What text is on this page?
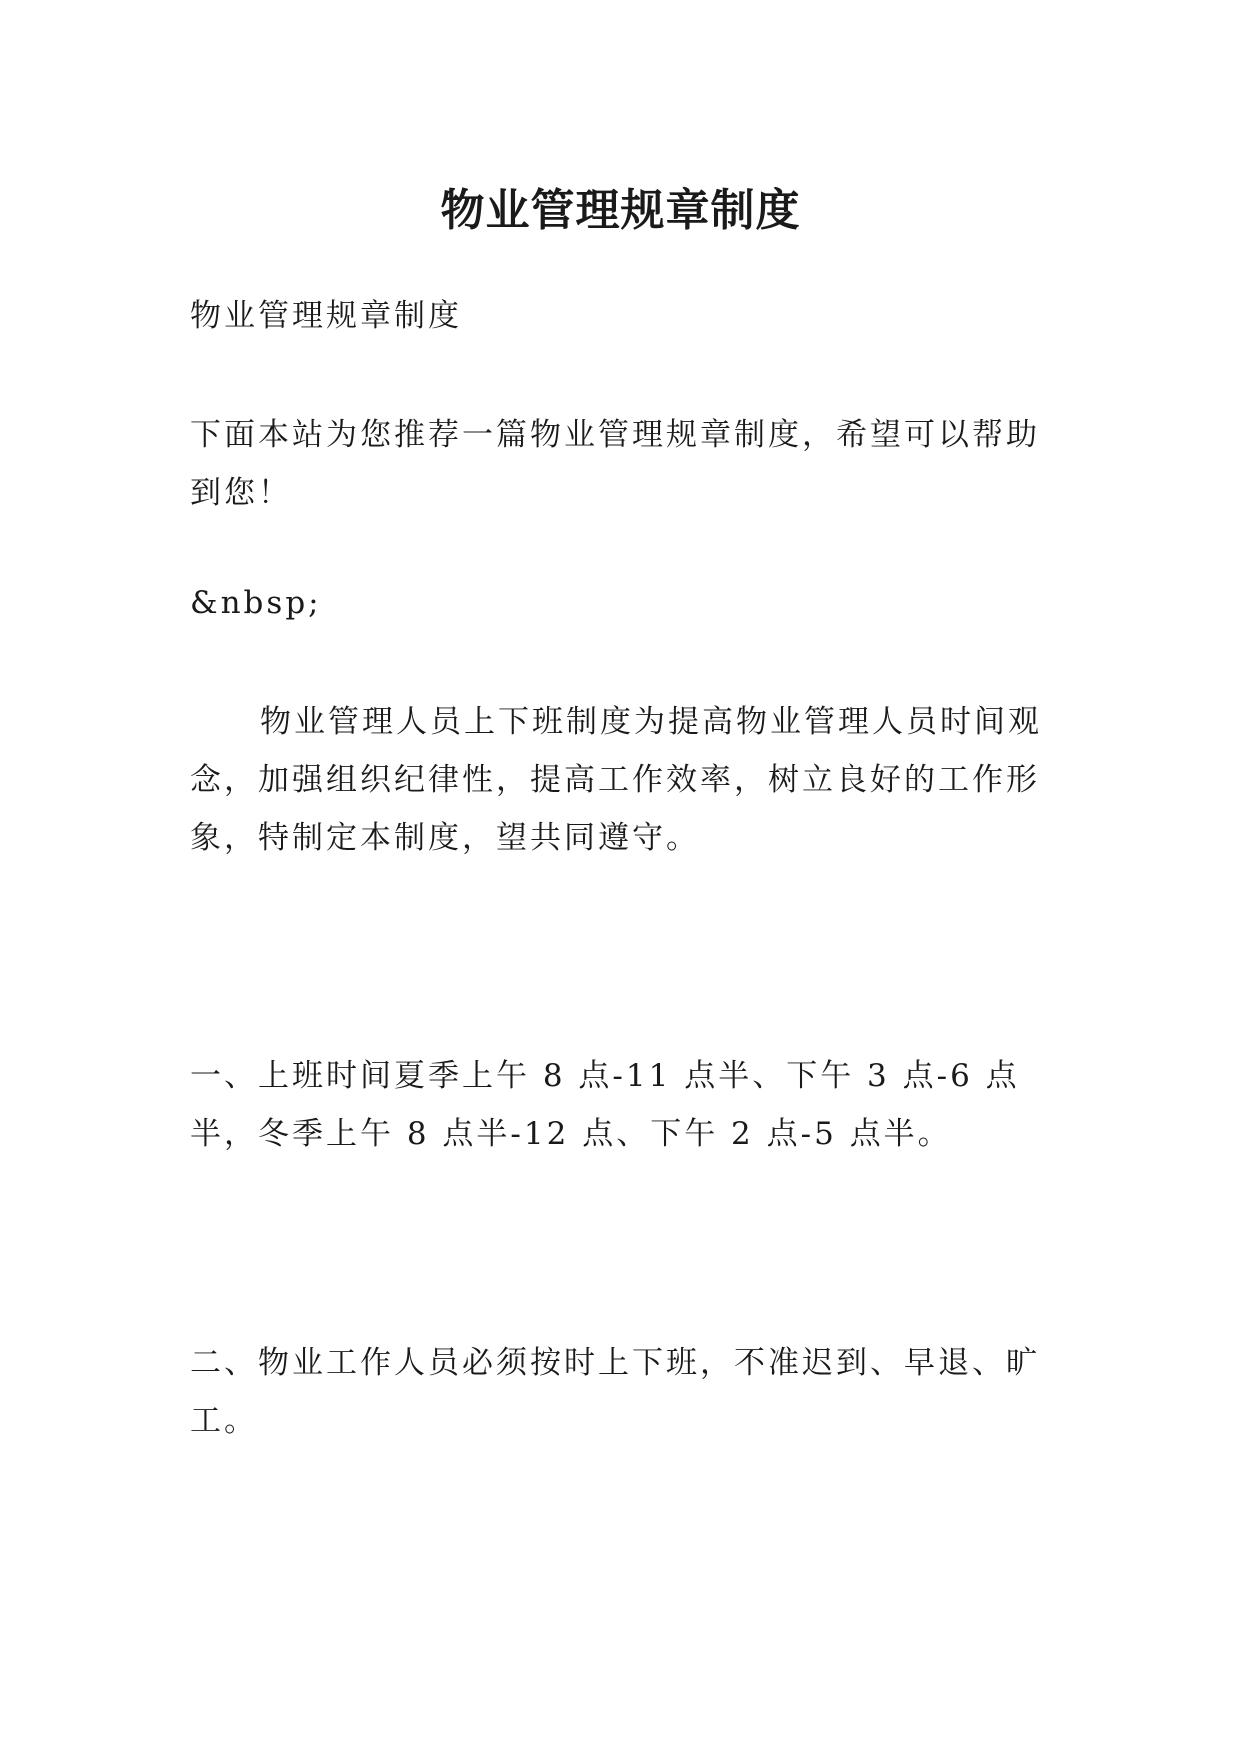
物业管理规章制度

物业管理规章制度

下面本站为您推荐一篇物业管理规章制度，希望可以帮助到您！

&nbsp;

物业管理人员上下班制度为提高物业管理人员时间观念，加强组织纪律性，提高工作效率，树立良好的工作形象，特制定本制度，望共同遵守。

一、上班时间夏季上午 8 点-11 点半、下午 3 点-6 点半，冬季上午 8 点半-12 点、下午 2 点-5 点半。

二、物业工作人员必须按时上下班，不准迟到、早退、旷工。
